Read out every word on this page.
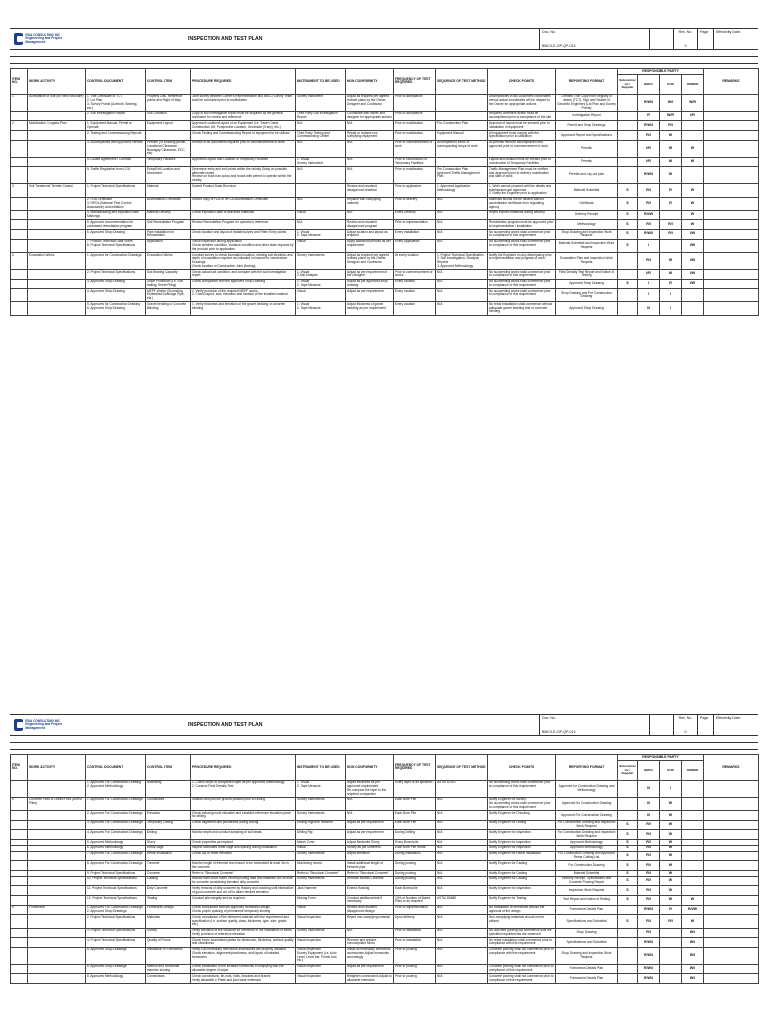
RDA CONSULTING INC
Engineering and Project Management	INSPECTION AND TEST PLAN
Doc. No.
BMC3-E-OP-QP-013
Rev. No.
0
Page	Effectivity Date:
ITEM NO.	WORK ACTIVITY	CONTROL DOCUMENT	CONTROL ITEM	PROCEDURE REQUIRED	INSTRUMENT TO BE USED	NON CONFORMITY	FREQUENCY OF TEST REQUIRED	SEQUENCE OF TEST METHOD	CHECK POINTS	REPORTING FORMAT	RESPONSIBLE PARTY				REMARKS
											Subcontractor / Supplier	BMC3	OUR	OWNER	
1	Acceptance of Site (for New Structure)	1. Title Certificate or TCT
2. Lot Plan
3. Survey Points (Azimuth, Bearing, etc.)	Property Lots, Reference points and Right of Way	Joint survey between Owner's Representative and BMC3 Survey Team shall be conducted prior to mobilization	Survey Instrument	Adjust as required per agreed revised plans by the Owner, Designer and Contractor.	Prior to acceptance		Discrepancies in Bid Document coordinates versus actual coordinates will be relayed to the Owner for appropriate actions	Certified True Copy from Registry of deeds (TCT), Sign and Sealed of Geodetic Engineers (Lot Plan and Survey Points)		R/W/I	W/I	W/R	
		2. Soil Investigation Report	Soil Condition	Copy of soil investigation report must be acquired by the general contractor for review and reference	Third Party Soil Investigation Report	Coordinate with owner and designer for appropriate actions	Prior to acceptance		Required corrective action must be accomplished prior to acceptance of the site	Investigation Report		R	W/R	I/R	
2	Mobilization / Logistic Plan	1. Equipment Manual, Permit to Operate,	Equipment Layout	Approved Location/Layout of on Equipment (i.e. Tower Crane, Construction Lift, Pump/crete Location, Generator (if any), etc.)	N/A	N/A	Prior to mobilization	Pre-Construction Plan	Approval of layout must be secured prior to installation of equipment	Permit and Shop Drawings		R/W/I	R/I		
		2. Testing and Commissioning Reports		Check Testing and Commissioning Report of equipment to be utilized	Third Party Testing and Commissioning Center	Repair or replace non complying equipment	Prior to mobilization	Equipment Manual	All equipment must comply with the specification prior to utilization	Approved Report and Specifications		R/I	W		
		3. Accomplished and Approved Permits	Permits (i.e Building permit, Locational Clearance, Barangay Clearance, ECC, etc)	Review of all documents required prior to commencement of work	N/A	N/A	Prior to commencement of work	Accomplished forms of corresponding scope of work	All permits must be accomplished and approved prior to commencement of work	Permits		I/R	W	W	
		4. Locate Agreement / Contract	Temporary Facilities	Approved Layout and Location of Temporary Facilities	1. Visual
Survey Instrument	N/A	Prior to construction of Temporary Facilities		Layout and location must be verified prior to construction of Temporary Facilities	Permits		I/R	W	W	
		5. Traffic Regulation from LGU	Entry/Exit Location and Movement	Determine entry and exit points within the vicinity Study on possible alternate routes
Review on truck ban policy and trucks with permit to operate within the vicinity	N/A	N/A	Prior to mobilization	Pre-Construction Plan
Approved Traffic Management Plan	Traffic Management Plan must be verified and approved prior to delivery mobilization and start of work	Permits and Lay-out plan		R/W/I	W		
3	Soil Treatment/ Termite Control	1. Project Technical Specifications	Material	Submit Product Data/ Brochure		Review and resubmit disapproved material	Prior to application	1. Approved Application Methodology	1. Work cannot proceed until the details and submissions are approved
2. Notify the Engineer prior to application	Material Submittal	S	R/I	R	W	
		2. FDA Certificate
3. NPCA (National Pest Control Association) Accreditation	Accreditation Certificate	Secure copy of FDA or NPCA Accreditation Certificate	N/A	Replace with complying material	Prior to delivery	N/A	Materials should not be utilized without accreditation certificate from regulating agency	Certificate	S	R/I	R	W	
		4. Manufacturing and expiration date Markings	Material Delivery	Check expiration date of delivered materials	Visual	N/A	Every Delivery	N/A	Reject expired materials during delivery	Delivery Receipt	S	R/I/W		W	
		5. Approved recommendation for contracted remediation program	Soil Remediation Program	Review Remediation Program for operator's reference	N/A	Review and resubmit disapproved program	Prior to implementation	N/A	Remediation program must be approved prior to implementation / installation	Methodology	S	R/I	R/I	W	
		6. Approved Shop Drawing	Pipe Installation for Remediation	Check location and layout of installed pipes and Fitter/ Entry points	1. Visual
2. Tape Measure	Adjust location and layout as required	Every installation	N/A	No succeeding works shall commence prior to compliance of this requirement	Shop Drawing and Inspection Work Request	S	R/W/I	R/I	I/W	
		7. Product Technical Data Sheet
8. Project Technical Specifications	Application	Visual inspection during application
Check weather condition, moisture condition and other state required by the product prior to application	Visual	Apply additional product as per requirement	Every Application	N/A	No succeeding works shall commence prior to compliance of this requirement	Material Submittal and Inspection Work Request	S	I		I/W	
4	Excavation Works	1. Approved for Construction Drawings	Excavation Works	Conduct survey to check foundation location, existing soil elevation and depth of excavation required as indicated on issued for construction Drawings
Check location of Construction Joint (footing)	Survey Instruments	Adjust as required per agreed revised plans by the Owner, Designer and Contractor.	At every location	1. Project Technical Specification
2. Soil Investigation / Analysis Reports
3. Approved Methodology	Notify the Engineer on any discrepancy prior to implementation and progress of work	Excavation Plan and Inspection Work Request		R/I	W	I/W	
		2. Project Technical Specifications	Soil Bearing Capacity	Check actual soil condition, and compare with the soil investigation report	1. Visual
2.Soil Analysis	Adjust as per requirement of the Designer	Prior to commencement of works	N/A	No succeeding works shall commence prior to compliance of this requirement	Field Density Test Report and Notice of Testing		I/R	W	I/W	
		3. Approved Shop Drawing	Slope Protection (i.e. Sun trailing, Sheet Piling)	Check compliance with the approved Shop Drawing	1. Visual
2. Tape Measure	Adjust as per approved shop drawing	Every location	N/A	No succeeding works shall commence prior to compliance of this requirement	Approved Shop Drawing	S	I	R	I/W	
		4. Approved Shop Drawing	MEPF Works (Grounding, Embedded Drainage Pipe, etc.)	1. Verify provision of the required MEPF works.
2. Check layout, size, elevation and location of the installed material	Visual	Adjust as per requirement	Every location	N/A	No succeeding works shall commence prior to compliance of this requirement	Shop Drawing and Pre Construction Drawing		I	I		
		5. Approved for Construction Drawing
6. Approved Shop Drawing	Gravel bedding or Concrete Blinding	1. Verify thickness and elevation of the gravel bedding or concrete blinding	1. Visual
2. Tape Measure	Adjust thickness of gravel bedding as per requirement	Every location	N/A	No rebar installation shall commence without adequate gravel bedding and or concrete blinding	Approved Shop Drawing		I/I	I		
RDA CONSULTING INC
Engineering and Project Management	INSPECTION AND TEST PLAN
Doc. No.
BMC3-E-OP-QP-013
Rev. No.
0
Page	Effectivity Date:
ITEM NO.	WORK ACTIVITY	CONTROL DOCUMENT	CONTROL ITEM	PROCEDURE REQUIRED	INSTRUMENT TO BE USED	NON CONFORMITY	FREQUENCY OF TEST REQUIRED	SEQUENCE OF TEST METHOD	CHECK POINTS	REPORTING FORMAT	RESPONSIBLE PARTY				REMARKS
											Subcontractor / Supplier	BMC3	OUR	OWNER	
		1. Approved For Construction Drawing
2. Approved Methodology	Backfilling	1. Check depth of compacted layer as per approved Methodology
2. Conduct Field Density Test	1. Visual
2. Tape Measure	Adjust thickness as per approved requirement
Re-compact the layer to the required compaction	Every layer or as specified	ASTM D2937	No succeeding works shall commence prior to compliance of this requirement	Approved for Construction Drawing and Methodology		I/I	I		
5	Concrete Piles or Drilled Piles (Bored Piles)	1. Approved For Construction Drawings	Coordinates	Stablish and plot the ground position prior to Drilling	Survey Instruments	N/A	Each Bore Pile	N/A	Notify Engineer for survey.
No succeeding works shall commence prior to compliance of this requirement	Approved for Construction Drawing		I/I	W		
		2. Approved For Construction Drawings	Elevation	Check actual ground elevation and establish reference elevation piece for drilling	Survey Instruments	N/A	Each Bore Pile	N/A	Notify Engineer for Checking	Approved For Construction Drawing		I/I	W		
		3. Approved For Construction Drawings	Temporary Casing	Check alignment and plumbness during driving	Drilling Rig/Wire Hammer	Adjust as per requirement	Each Bore Pile	N/A	Notify Engineer for Drilling	For Construction Drawing and Inspection Work Request	S	R/I	W		
		4. Approved For Construction Drawings	Drilling	Monitor depth and conduct sampling of soil strata	Drilling Rig	Adjust as per requirement	During Drilling	N/A	Notify Engineer for Inspection	For Construction Drawing and Inspection Work Request	S	R/I	W		
		5. Approved Methodology	Slurry	Check properties as required	Marsh Cone	Adjust Bentonite Slurry	Every Bored pile	N/A	Notify Engineer for Inspection	Approved Methodology	S	R/I	W		
		6. Approved Methodology	Rebar cage	Inspect fabricated rebar cage and splicing during installation	Visual	Rectify as per comment	Each Bore Pile Rebar	N/A	Notify Engineer for Inspection	Approved Methodology	S	R/I	W		
		7. Approved For Construction Drawings	Rebar Installation	Check top of rebar elevation	Survey Instruments	Adjust elevation	During Installation	N/A	Notify Engineer for Rebar Installation	For Construction Drawing and Approved Rebar Cutting List	S	R/I	W		
		8. Approved For Construction Drawings	Tremmie	Monitor length of tremmie and ensure to be embedded at least 3m in the concrete	Monitoring record	Install additional length of tremmie pipe	During pouring	N/A	Notify Engineer for Casting	For Construction Drawing	S	R/I	W		
		9. Project Technical Specifications	Concrete	Refer to "Structural Concrete"	Refer to "Structural Concrete"	Refer to "Structural Concrete"	During pouring	N/A	Notify Engineer for Casting	Material Submittal	S	R/I	W		
		10. Project Technical Specifications	Casting	Monitor each truck mixer, record pouring data and establish cut-off level for concrete considering elevated dirty concrete	Survey Instruments	Remove excess Concrete	During pouring	N/A	Notify Engineer for Casting	Delivery Receipt, Specification and Concrete Pouring Report	S	R/I	W		
		11. Project Technical Specifications	Dirty Concrete	Verify removal of dirty concrete by Hackey and cracking until elimination of good concrete and cut off to attain desired elevation	Jack Hammer	Extend Hacking	Each Bored pile	N/A	Notify Engineer for Inspection	Inspection Work Request	S	R/I	W		
		12. Project Technical Specifications	Testing	Conduct pile integrity test as required	Moving Form	Conduct additional test if necessary	10% of Number of Bored Piles or as required	ASTM D5882	Notify Engineer for Testing	Test Report and Notice of Testing	S	R/I	W	W	
6	Formworks	1. Approved For Construction Drawings
2. Approved Shop Drawings	Formworks Design	Check compliance with the approved formworks design
Check proper spacing of permanent/ temporary shoring	Visual	Review and resubmit disapproved design	Prior to implementation	N/A	No installation of formworks without the approval of the design	Formworks Details Plan		R/W/I	R	R/I/W	
		2. Project Technical Specifications	Materials	Check compliance of the delivered material with the requirement and specification (i.e. surface quality, class, thickness, type, size, grade, etc.)	Visual Inspection	Reject non-complying material	Upon delivery	N/A	Non-complying materials should not be utilized	Specifications and Submittal	S	R/I	R/I	W	
		3. Project Technical Specifications	Survey	Verify elevation of the structure for reference in the installation of forms
Verify provision of reference elevation	Survey Instruments	N/A	Prior to installation	N/A	No concrete pouring will commence until the specified requirements are observed	Shop Drawing		R/I		W/I	
		4. Project Technical Specifications	Quality of Forms	Check forms board/steel-plates for dimension, thickness, surface quality and cleanliness	Visual Inspection	Remove and replace noncompliant forms	Prior to installation	N/A	No rebar installation shall commence prior to compliance with this requirement	Specifications and Submittal		R/W/I		W/I	
		5. Approved Shop Drawings	Installation of Formworks	Verify if all necessary formworks accessories are properly installed
Check elevation, alignment/plumbness, and layout of installed formworks	Visual Inspection
Survey Equipment (i.e. Auto Level, Level bar, Plumb bob, etc.)	Install all necessary formworks accessories Adjust formworks accordingly	Prior to pouring	N/A	Concrete pouring shall not commence prior to compliance with this requirement	Shop Drawing and Inspection Work Request		R/W/I		W/I	
		6. Approved Shop Drawings	Method and Horizontal member shoring	Check installation of the installed formworks if complying with the allowable degree of slope	Visual Inspection	Adjust as per requirement	Prior to pouring	N/A	Concrete pouring shall not commence prior to compliance of this requirement	Formworks Details Plan		R/W/I		W/I	
		8. Approved Methodology	Connections	Check connections, tie-rods, bolts, brackets and braces
Verify allowable v-Panel and joint base extension	Visual Inspection	Retighten connections Adjust to allowable extension	Prior to pouring	N/A	Concrete pouring shall not commence prior to compliance of this requirement	Formworks Details Plan		R/W/I		W/I	
